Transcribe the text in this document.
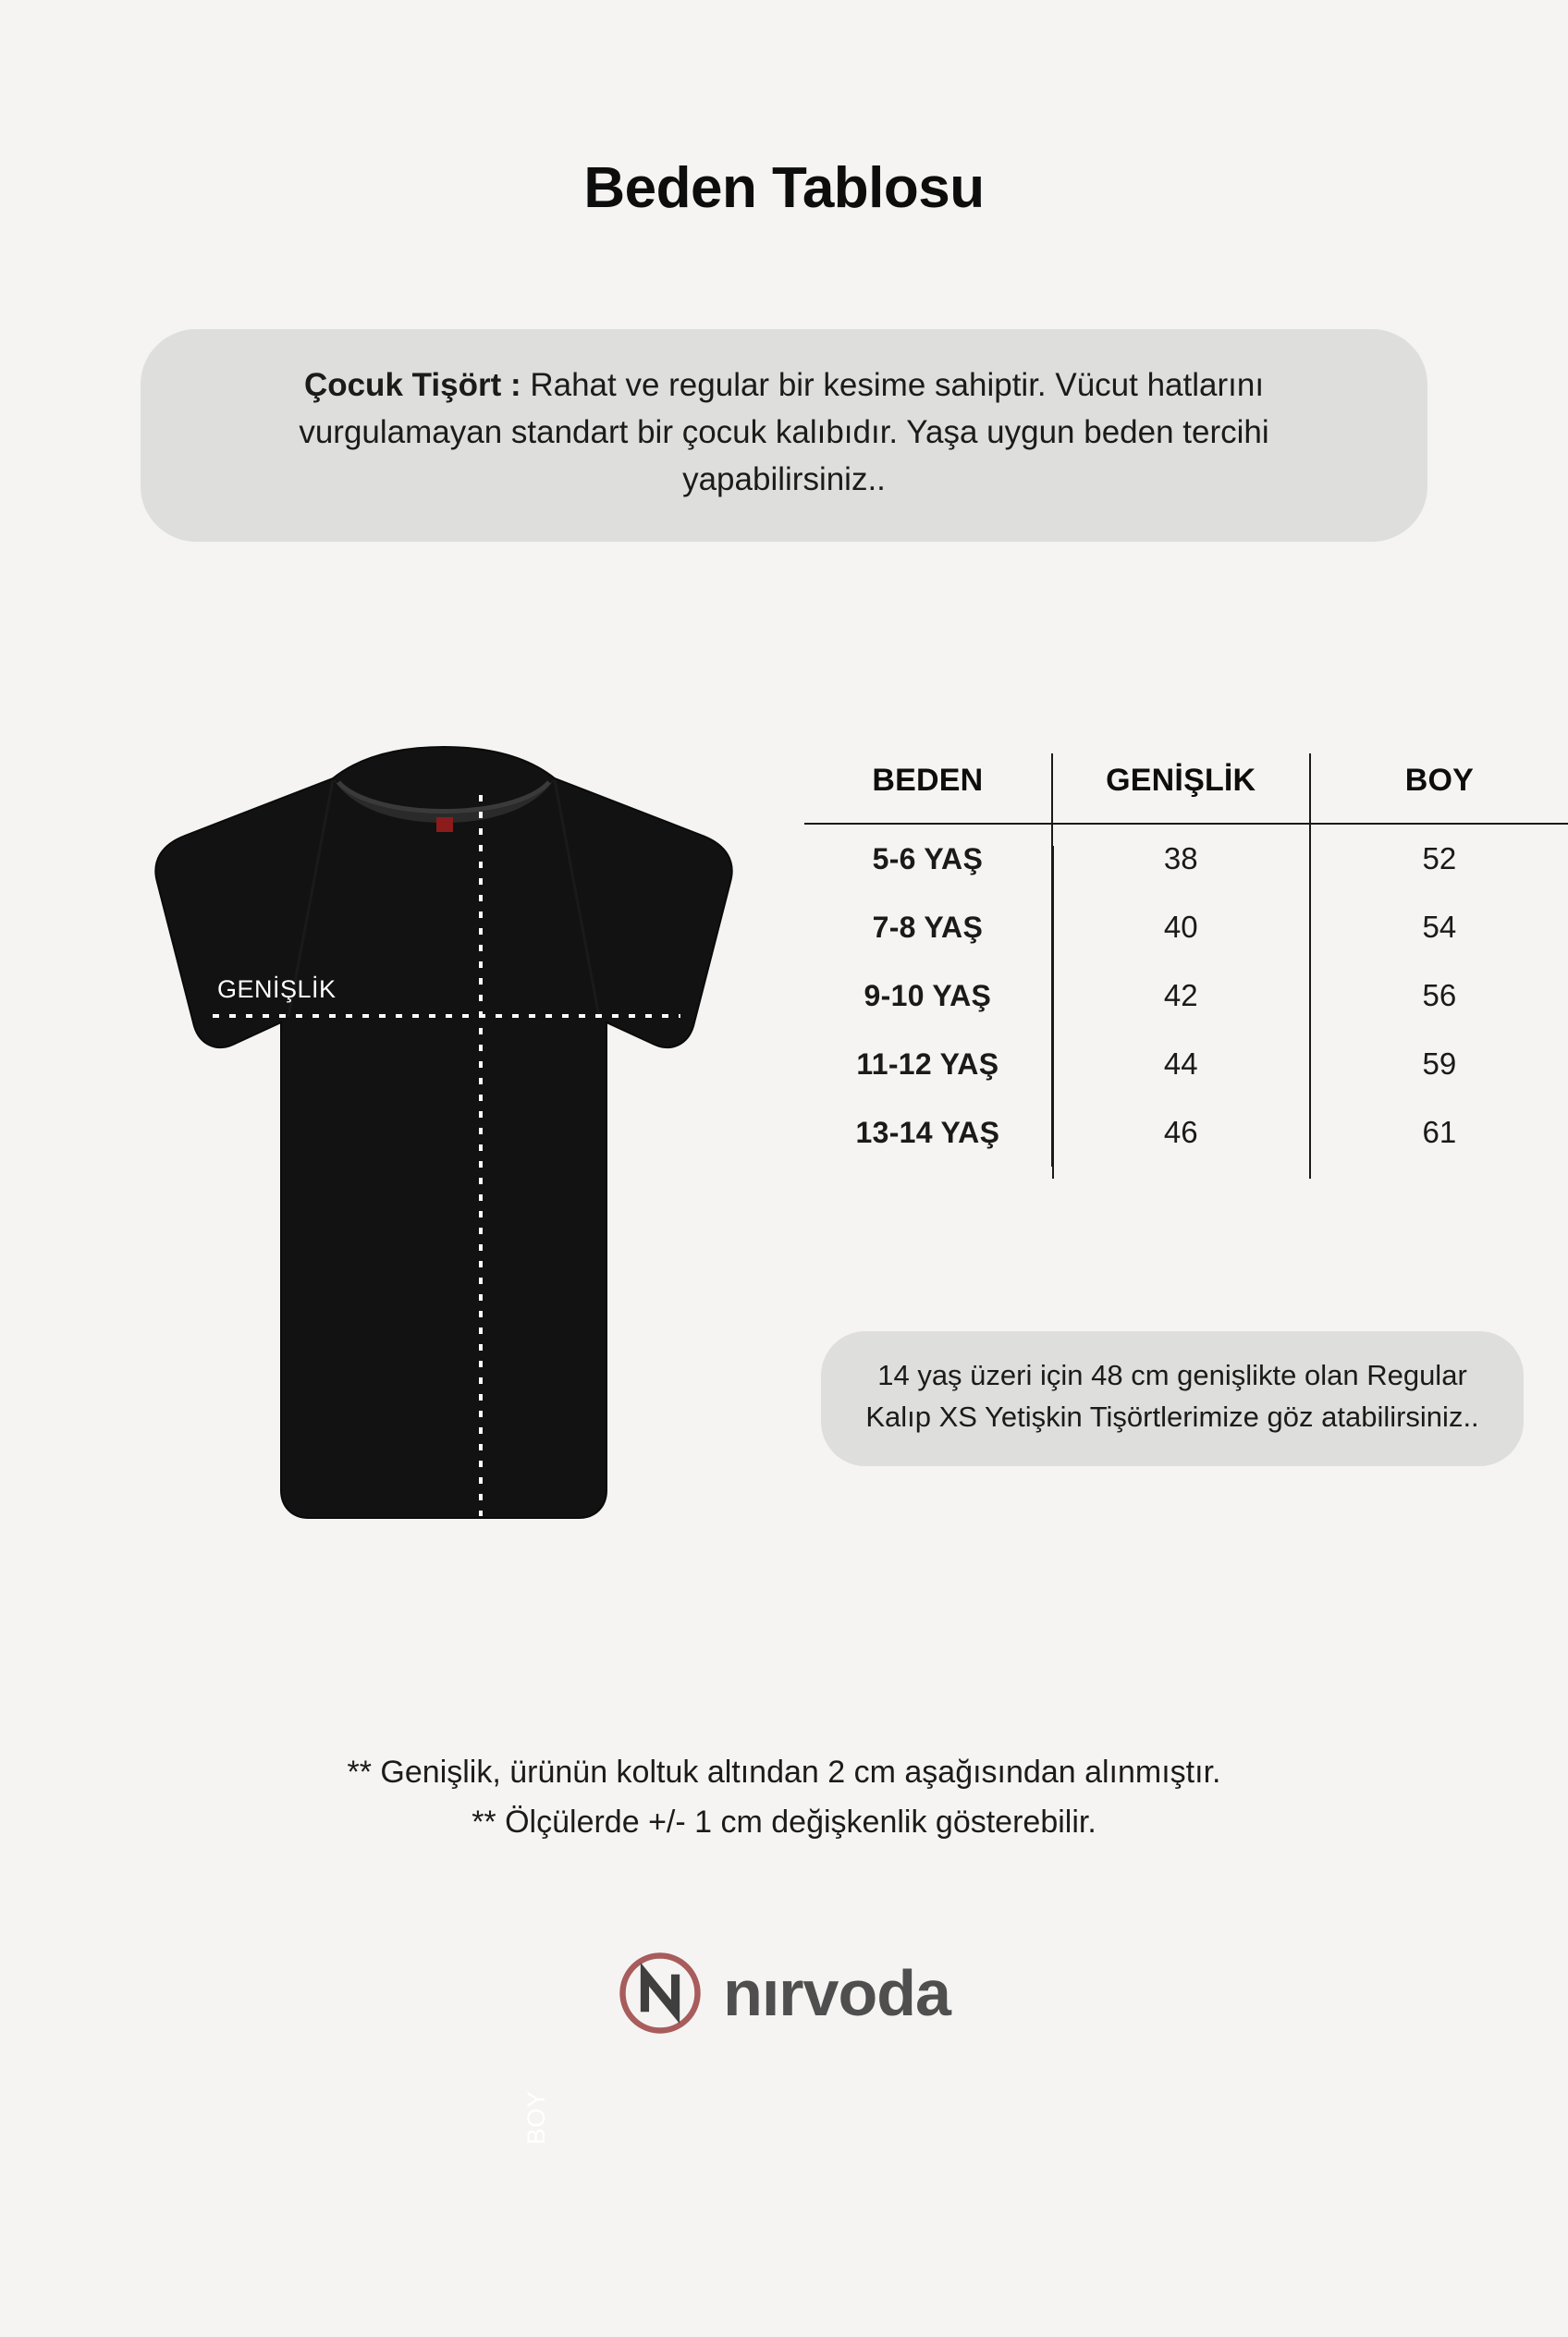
Beden Tablosu
Çocuk Tişört : Rahat ve regular bir kesime sahiptir. Vücut hatlarını vurgulamayan standart bir çocuk kalıbıdır. Yaşa uygun beden tercihi yapabilirsiniz..
GENİŞLİK
BOY
BEDEN	GENİŞLİK	BOY
5-6 YAŞ	38	52
7-8 YAŞ	40	54
9-10 YAŞ	42	56
11-12 YAŞ	44	59
13-14 YAŞ	46	61
14 yaş üzeri için 48 cm genişlikte olan Regular Kalıp XS Yetişkin Tişörtlerimize göz atabilirsiniz..
** Genişlik, ürünün koltuk altından 2 cm aşağısından alınmıştır.
** Ölçülerde +/- 1 cm değişkenlik gösterebilir.
nırvoda
